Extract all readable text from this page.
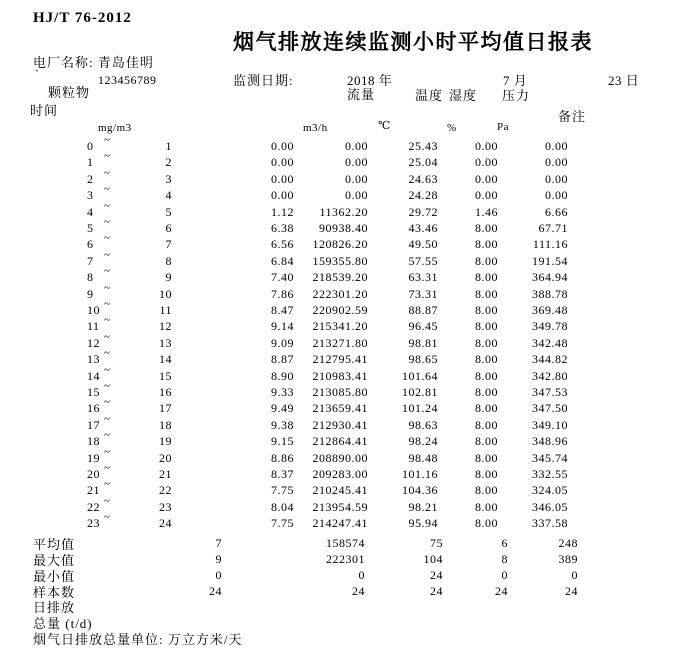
HJ/T 76-2012
烟气排放连续监测小时平均值日报表
电厂名称: 青岛佳明
`	123456789	监测日期:	2018 年	7 月	23 日
颗粒物	流量	温度 湿度 压力
时间	备注
mg/m3	m3/h	℃	%	Pa
0 ~	1	0.00	0.00	25.43	0.00	0.00
1 ~	2	0.00	0.00	25.04	0.00	0.00
2 ~	3	0.00	0.00	24.63	0.00	0.00
3 ~	4	0.00	0.00	24.28	0.00	0.00
4 ~	5	1.12 11362.20	29.72	1.46	6.66
5 ~	6	6.38 90938.40	43.46	8.00	67.71
6 ~	7	6.56 120826.20	49.50	8.00	111.16
7 ~	8	6.84 159355.80	57.55	8.00	191.54
8 ~	9	7.40 218539.20	63.31	8.00	364.94
9 ~	10	7.86 222301.20	73.31	8.00	388.78
10 ~	11	8.47 220902.59	88.87	8.00	369.48
11 ~	12	9.14 215341.20	96.45	8.00	349.78
12 ~	13	9.09 213271.80	98.81	8.00	342.48
13 ~	14	8.87 212795.41	98.65	8.00	344.82
14 ~	15	8.90 210983.41	101.64	8.00	342.80
15 ~	16	9.33 213085.80	102.81	8.00	347.53
16 ~	17	9.49 213659.41	101.24	8.00	347.50
17 ~	18	9.38 212930.41	98.63	8.00	349.10
18 ~	19	9.15 212864.41	98.24	8.00	348.96
19 ~	20	8.86 208890.00	98.48	8.00	345.74
20 ~	21	8.37 209283.00	101.16	8.00	332.55
21 ~	22	7.75 210245.41	104.36	8.00	324.05
22 ~	23	8.04 213954.59	98.21	8.00	346.05
23 ~	24	7.75 214247.41	95.94	8.00	337.58
平均值	7	158574	75	6	248
最大值	9	222301	104	8	389
最小值	0	0	24	0	0
样本数	24	24	24	24	24
日排放
总量 (t/d)
烟气日排放总量单位: 万立方米/天
